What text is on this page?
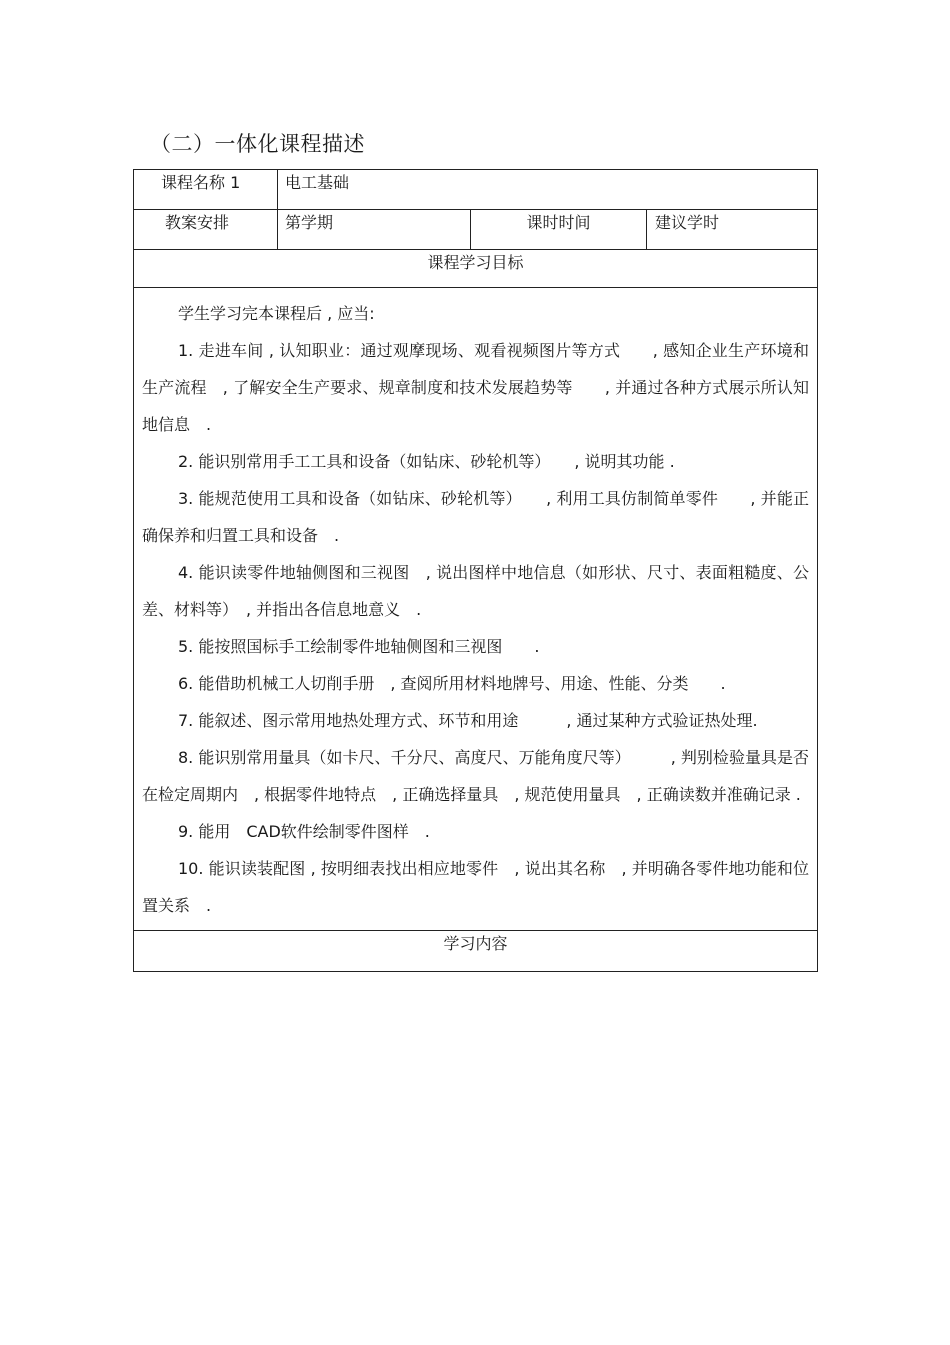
（二）一体化课程描述
课程名称 1	电工基础
教案安排	第学期	课时时间	建议学时
课程学习目标

学生学习完本课程后 , 应当:

1. 走进车间 , 认知职业：通过观摩现场、观看视频图片等方式　　, 感知企业生产环境和生产流程　, 了解安全生产要求、规章制度和技术发展趋势等　　, 并通过各种方式展示所认知地信息　.

2. 能识别常用手工工具和设备（如钻床、砂轮机等）　　, 说明其功能 .

3. 能规范使用工具和设备（如钻床、砂轮机等）　　, 利用工具仿制简单零件　　, 并能正确保养和归置工具和设备　.

4. 能识读零件地轴侧图和三视图　, 说出图样中地信息（如形状、尺寸、表面粗糙度、公差、材料等）　, 并指出各信息地意义　.

5. 能按照国标手工绘制零件地轴侧图和三视图　　.

6. 能借助机械工人切削手册　, 查阅所用材料地牌号、用途、性能、分类　　.

7. 能叙述、图示常用地热处理方式、环节和用途　　　, 通过某种方式验证热处理.

8. 能识别常用量具（如卡尺、千分尺、高度尺、万能角度尺等）　　　, 判别检验量具是否在检定周期内　, 根据零件地特点　, 正确选择量具　, 规范使用量具　, 正确读数并准确记录 .

9. 能用　CAD软件绘制零件图样　.

10. 能识读装配图 , 按明细表找出相应地零件　, 说出其名称　, 并明确各零件地功能和位置关系　.

学习内容
